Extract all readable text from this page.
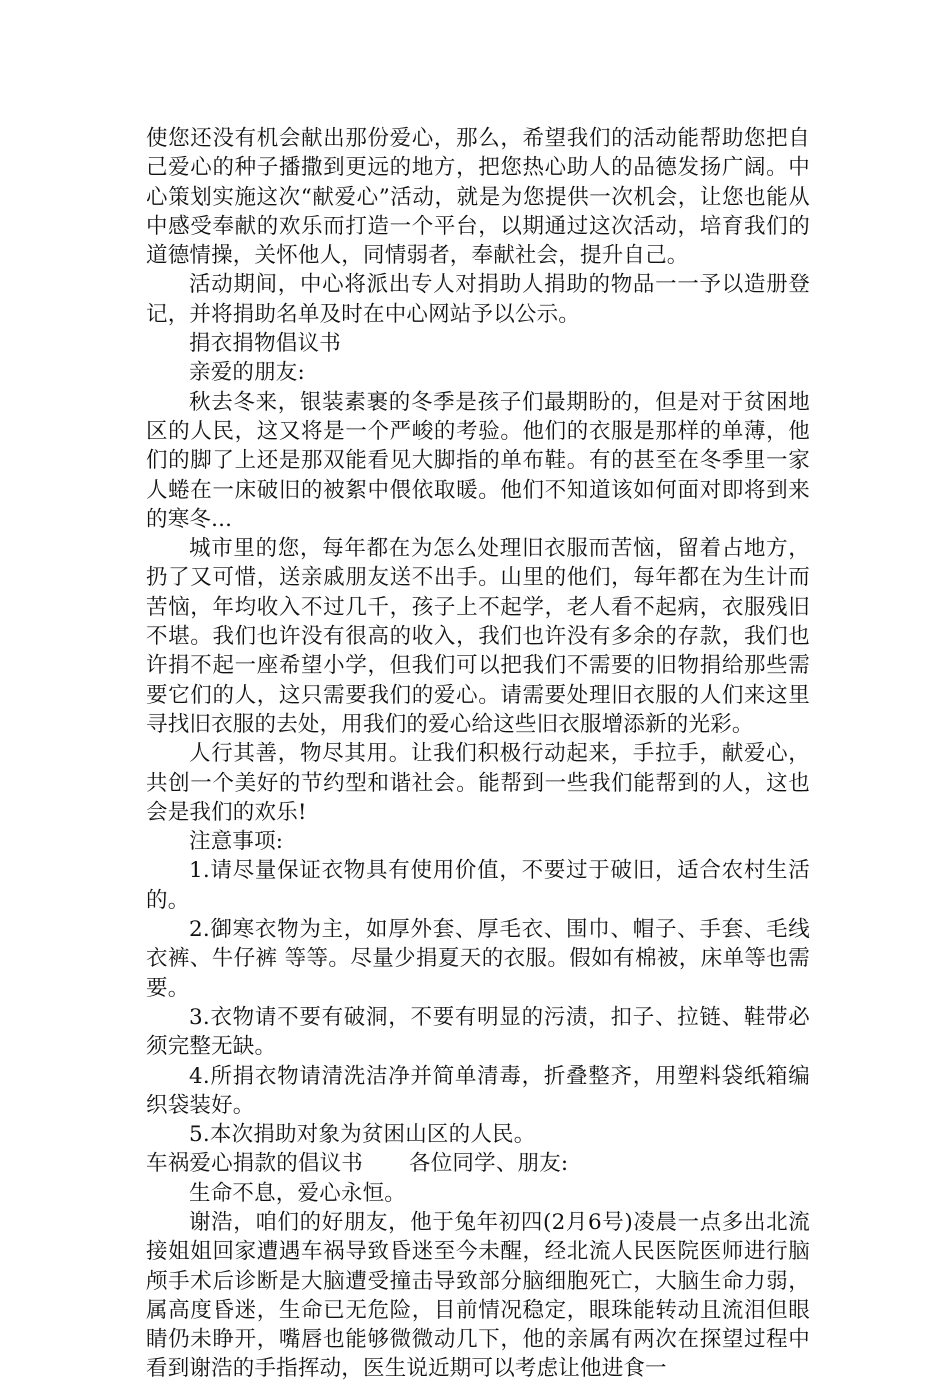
使您还没有机会献出那份爱心，那么，希望我们的活动能帮助您把自己爱心的种子播撒到更远的地方，把您热心助人的品德发扬广阔。中心策划实施这次“献爱心”活动，就是为您提供一次机会，让您也能从中感受奉献的欢乐而打造一个平台，以期通过这次活动，培育我们的道德情操，关怀他人，同情弱者，奉献社会，提升自己。

活动期间，中心将派出专人对捐助人捐助的物品一一予以造册登记，并将捐助名单及时在中心网站予以公示。

捐衣捐物倡议书

亲爱的朋友:

秋去冬来，银装素裹的冬季是孩子们最期盼的，但是对于贫困地区的人民，这又将是一个严峻的考验。他们的衣服是那样的单薄，他们的脚了上还是那双能看见大脚指的单布鞋。有的甚至在冬季里一家人蜷在一床破旧的被絮中偎依取暖。他们不知道该如何面对即将到来的寒冬...

城市里的您，每年都在为怎么处理旧衣服而苦恼，留着占地方，扔了又可惜，送亲戚朋友送不出手。山里的他们，每年都在为生计而苦恼，年均收入不过几千，孩子上不起学，老人看不起病，衣服残旧不堪。我们也许没有很高的收入，我们也许没有多余的存款，我们也许捐不起一座希望小学，但我们可以把我们不需要的旧物捐给那些需要它们的人，这只需要我们的爱心。请需要处理旧衣服的人们来这里寻找旧衣服的去处，用我们的爱心给这些旧衣服增添新的光彩。

人行其善，物尽其用。让我们积极行动起来，手拉手，献爱心，共创一个美好的节约型和谐社会。能帮到一些我们能帮到的人，这也会是我们的欢乐!

注意事项:

1.请尽量保证衣物具有使用价值，不要过于破旧，适合农村生活的。

2.御寒衣物为主，如厚外套、厚毛衣、围巾、帽子、手套、毛线衣裤、牛仔裤 等等。尽量少捐夏天的衣服。假如有棉被，床单等也需要。

3.衣物请不要有破洞，不要有明显的污渍，扣子、拉链、鞋带必须完整无缺。

4.所捐衣物请清洗洁净并简单清毒，折叠整齐，用塑料袋纸箱编织袋装好。

5.本次捐助对象为贫困山区的人民。

车祸爱心捐款的倡议书 各位同学、朋友:

生命不息，爱心永恒。

谢浩，咱们的好朋友，他于兔年初四(2月6号)凌晨一点多出北流接姐姐回家遭遇车祸导致昏迷至今未醒，经北流人民医院医师进行脑颅手术后诊断是大脑遭受撞击导致部分脑细胞死亡，大脑生命力弱，属高度昏迷，生命已无危险，目前情况稳定，眼珠能转动且流泪但眼睛仍未睁开，嘴唇也能够微微动几下，他的亲属有两次在探望过程中看到谢浩的手指挥动，医生说近期可以考虑让他进食一
